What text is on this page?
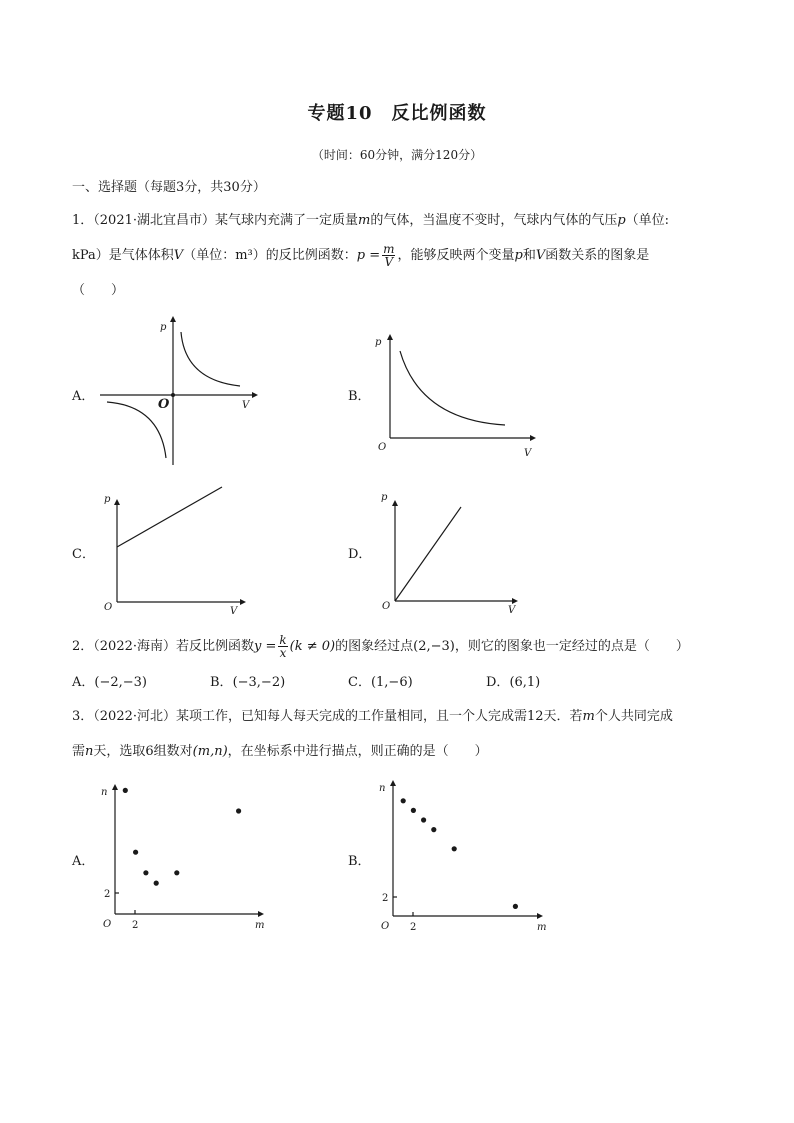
专题10　反比例函数
（时间：60分钟，满分120分）
一、选择题（每题3分，共30分）
1．（2021·湖北宜昌市）某气球内充满了一定质量m的气体，当温度不变时，气球内气体的气压p（单位:
kPa）是气体体积V（单位：m³）的反比例函数：$p = \frac{m}{V}$ ，能够反映两个变量p和V函数关系的图象是
（　　）
A．	B．
C．	D．
p
V
O
p
V
O
p
V
O
p
V
O
2．（2022·海南）若反比例函数$y = \frac{k}{x} (k \ne 0)$的图象经过点(2,−3)，则它的图象也一定经过的点是（　　）
A．(−2,−3)	B．(−3,−2)	C．(1,−6)	D．(6,1)
3．（2022·河北）某项工作，已知每人每天完成的工作量相同，且一个人完成需12天．若m个人共同完成
需n天，选取6组数对(m,n)，在坐标系中进行描点，则正确的是（　　）
A．	B．
n
m
O 2
2
n
m
O 2
2
